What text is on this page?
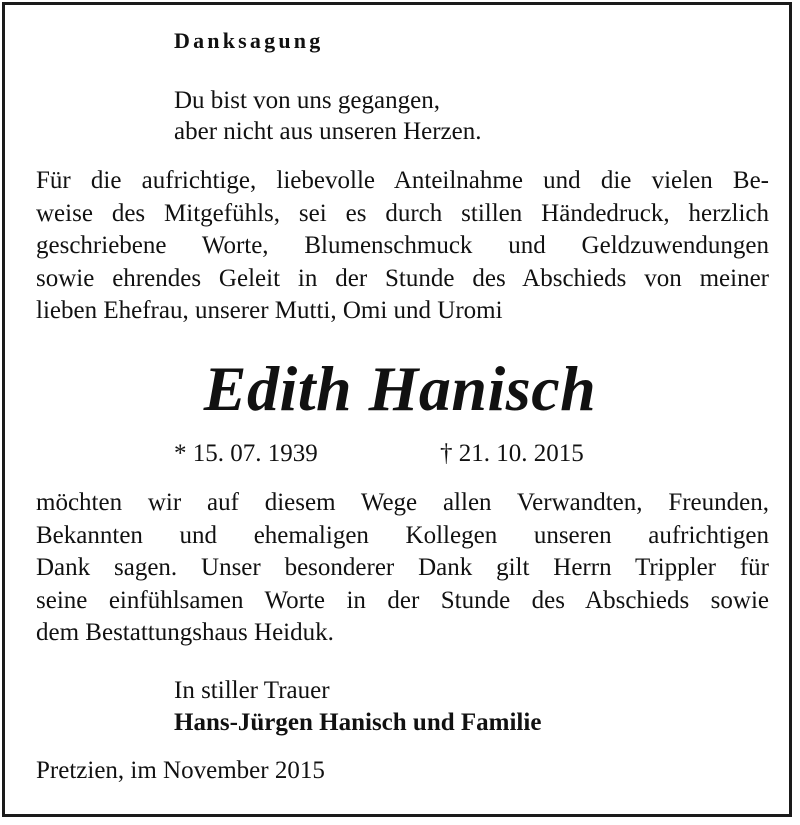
Danksagung

Du bist von uns gegangen,
aber nicht aus unseren Herzen.

Für die aufrichtige, liebevolle Anteilnahme und die vielen Be-
weise des Mitgefühls, sei es durch stillen Händedruck, herzlich
geschriebene Worte, Blumenschmuck und Geldzuwendungen
sowie ehrendes Geleit in der Stunde des Abschieds von meiner
lieben Ehefrau, unserer Mutti, Omi und Uromi

Edith Hanisch

* 15. 07. 1939	† 21. 10. 2015

möchten wir auf diesem Wege allen Verwandten, Freunden,
Bekannten und ehemaligen Kollegen unseren aufrichtigen
Dank sagen. Unser besonderer Dank gilt Herrn Trippler für
seine einfühlsamen Worte in der Stunde des Abschieds sowie
dem Bestattungshaus Heiduk.

In stiller Trauer
Hans-Jürgen Hanisch und Familie

Pretzien, im November 2015
